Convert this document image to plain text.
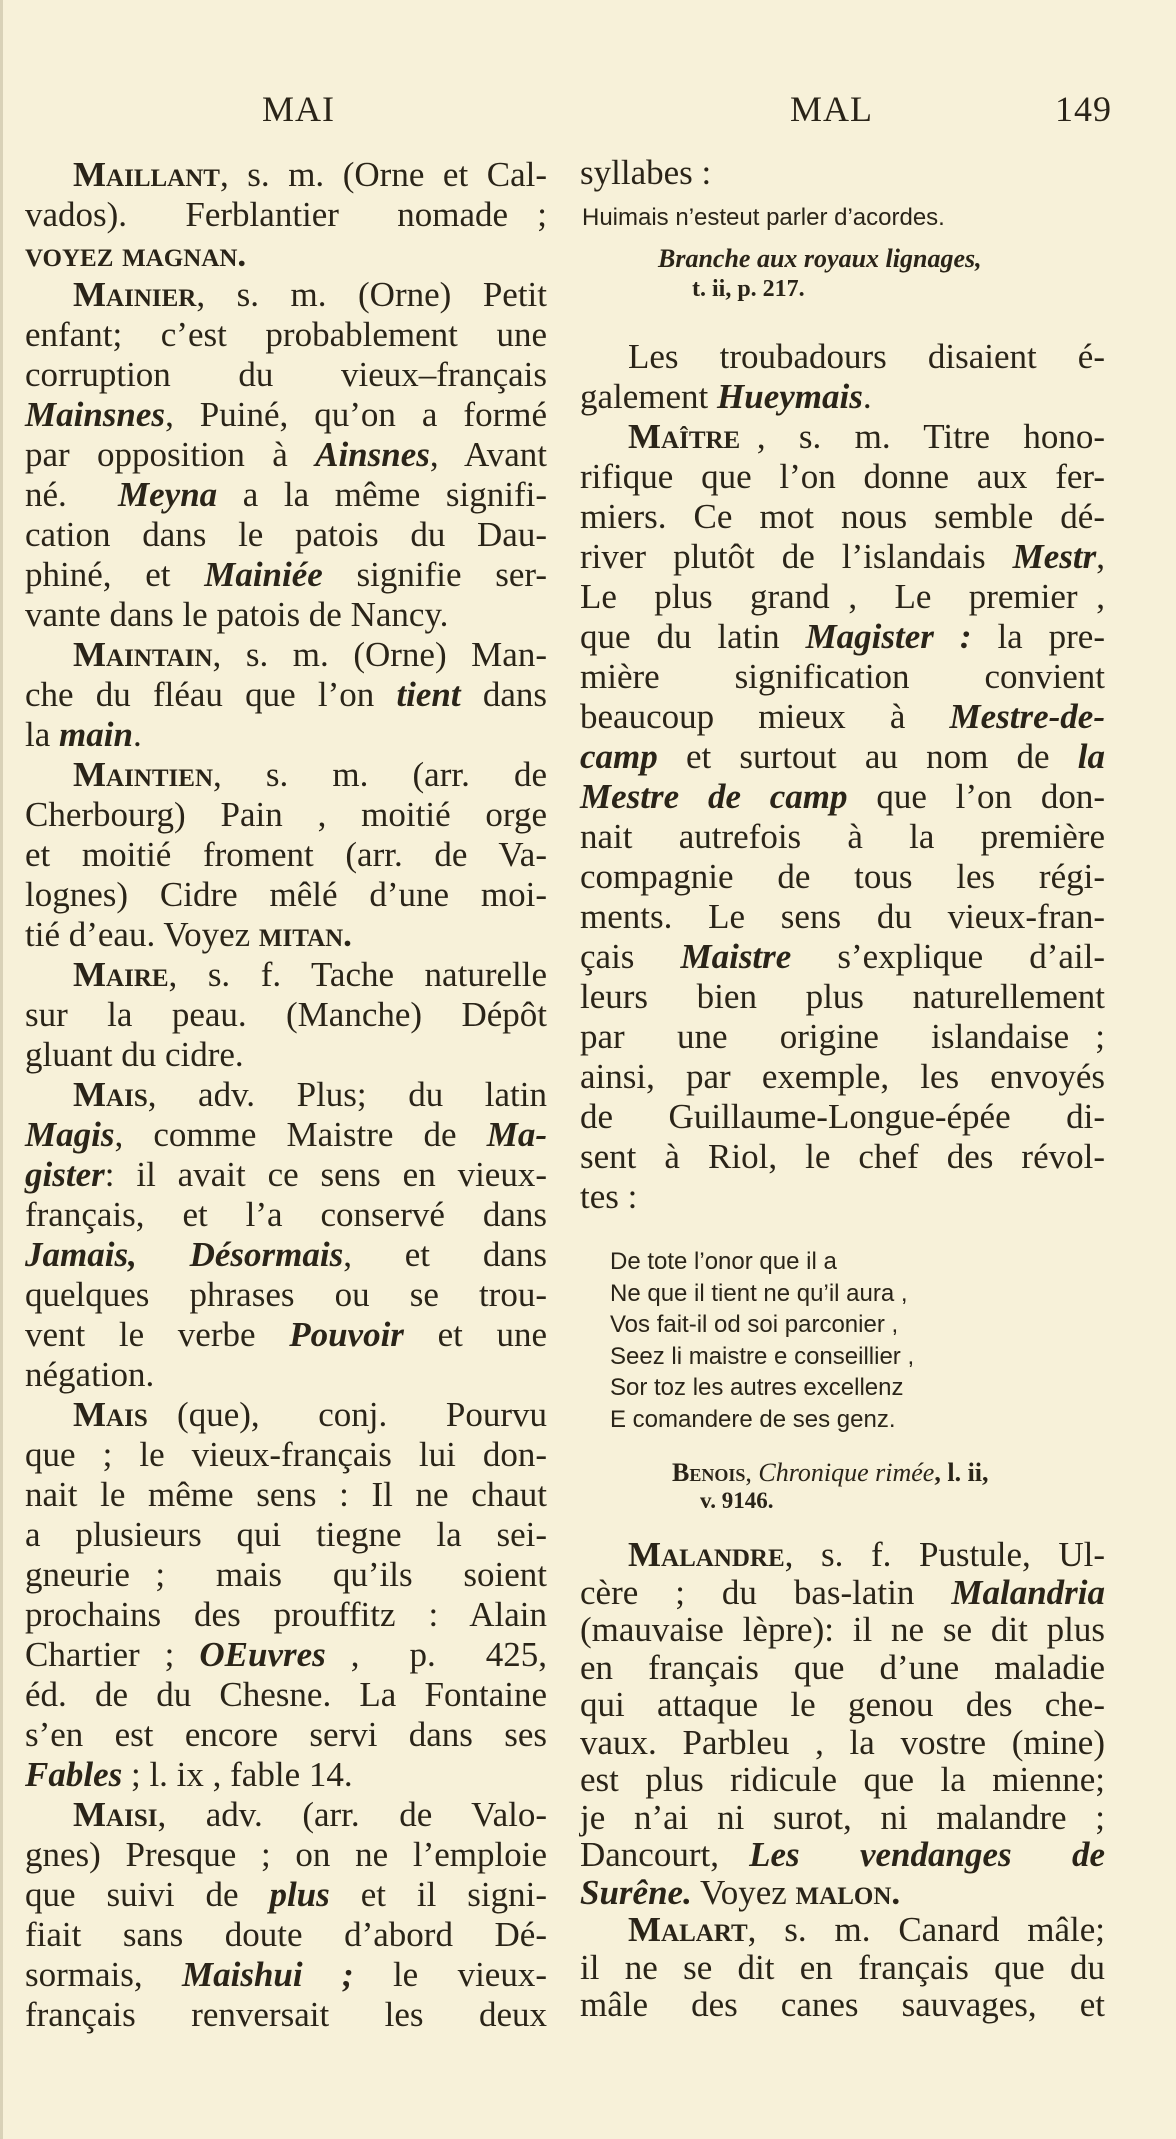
MAI	MAL	149
Maillant, s. m. (Orne et Cal-
vados).  Ferblantier  nomade ;
voyez magnan.
Mainier, s. m. (Orne) Petit
enfant; c’est probablement une
corruption  du  vieux–français
Mainsnes, Puiné, qu’on a formé
par opposition à Ainsnes, Avant
né.  Meyna a la même signifi-
cation dans le patois du Dau-
phiné, et Mainiée signifie ser-
vante dans le patois de Nancy.
Maintain, s. m. (Orne) Man-
che du fléau que l’on tient dans
la main.
Maintien,  s.  m.  (arr.  de
Cherbourg) Pain , moitié orge
et moitié froment (arr. de Va-
lognes) Cidre mêlé d’une moi-
tié d’eau. Voyez mitan.
Maire, s. f. Tache naturelle
sur la peau. (Manche) Dépôt
gluant du cidre.
Mais, adv. Plus; du latin
Magis, comme Maistre de Ma-
gister: il avait ce sens en vieux-
français, et l’a conservé dans
Jamais, Désormais, et dans
quelques phrases ou se trou-
vent le verbe Pouvoir et une
négation.
Mais (que),  conj.  Pourvu
que ; le vieux-français lui don-
nait le même sens : Il ne chaut
a plusieurs qui tiegne la sei-
gneurie ;  mais  qu’ils  soient
prochains des prouffitz : Alain
Chartier ; OEuvres ,  p.  425,
éd. de du Chesne. La Fontaine
s’en est encore servi dans ses
Fables ; l. ix , fable 14.
Maisi, adv. (arr. de Valo-
gnes) Presque ; on ne l’emploie
que suivi de plus et il signi-
fiait sans doute d’abord Dé-
sormais, Maishui ; le vieux-
français  renversait  les  deux
syllabes :
Huimais n’esteut parler d’acordes.
Branche aux royaux lignages,
t. ii, p. 217.
Les troubadours disaient é-
galement Hueymais.
Maître ,  s.  m.  Titre  hono-
rifique que l’on donne aux fer-
miers. Ce mot nous semble dé-
river plutôt de l’islandais Mestr,
Le  plus  grand ,  Le  premier ,
que du latin Magister : la pre-
mière   signification   convient
beaucoup  mieux  à  Mestre-de-
camp et surtout au nom de la
Mestre de camp que l’on don-
nait autrefois à la première
compagnie de tous les régi-
ments. Le sens du vieux-fran-
çais Maistre s’explique d’ail-
leurs bien plus naturellement
par  une  origine  islandaise ;
ainsi, par exemple, les envoyés
de Guillaume-Longue-épée di-
sent à Riol, le chef des révol-
tes :
De tote l’onor que il a
Ne que il tient ne qu’il aura ,
Vos fait-il od soi parconier ,
Seez li maistre e conseillier ,
Sor toz les autres excellenz
E comandere de ses genz.
Benois, Chronique rimée, l. ii,
v. 9146.
Malandre, s. f. Pustule, Ul-
cère ; du bas-latin Malandria
(mauvaise lèpre): il ne se dit plus
en français que d’une maladie
qui attaque le genou des che-
vaux. Parbleu , la vostre (mine)
est plus ridicule que la mienne;
je n’ai ni surot, ni malandre ;
Dancourt, Les  vendanges  de
Surêne. Voyez malon.
Malart, s. m. Canard mâle;
il ne se dit en français que du
mâle des canes sauvages, et
